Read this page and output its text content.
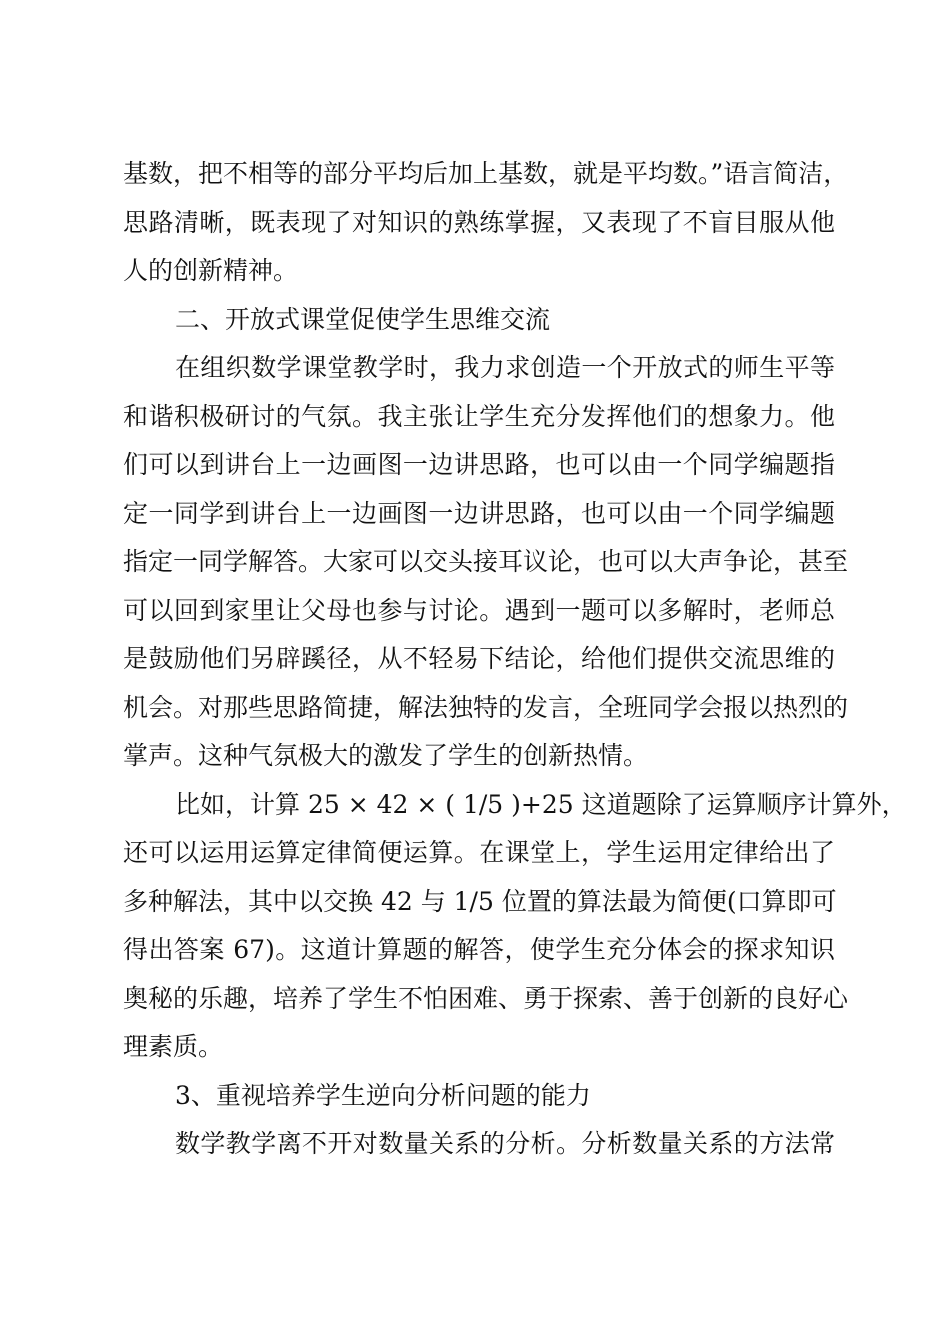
基数，把不相等的部分平均后加上基数，就是平均数。”语言简洁，
思路清晰，既表现了对知识的熟练掌握，又表现了不盲目服从他
人的创新精神。
二、开放式课堂促使学生思维交流
在组织数学课堂教学时，我力求创造一个开放式的师生平等
和谐积极研讨的气氛。我主张让学生充分发挥他们的想象力。他
们可以到讲台上一边画图一边讲思路，也可以由一个同学编题指
定一同学到讲台上一边画图一边讲思路，也可以由一个同学编题
指定一同学解答。大家可以交头接耳议论，也可以大声争论，甚至
可以回到家里让父母也参与讨论。遇到一题可以多解时，老师总
是鼓励他们另辟蹊径，从不轻易下结论，给他们提供交流思维的
机会。对那些思路简捷，解法独特的发言，全班同学会报以热烈的
掌声。这种气氛极大的激发了学生的创新热情。
比如，计算 25 × 42 × ( 1/5 )+25 这道题除了运算顺序计算外，
还可以运用运算定律简便运算。在课堂上，学生运用定律给出了
多种解法，其中以交换 42 与 1/5 位置的算法最为简便(口算即可
得出答案 67)。这道计算题的解答，使学生充分体会的探求知识
奥秘的乐趣，培养了学生不怕困难、勇于探索、善于创新的良好心
理素质。
3、重视培养学生逆向分析问题的能力
数学教学离不开对数量关系的分析。分析数量关系的方法常
